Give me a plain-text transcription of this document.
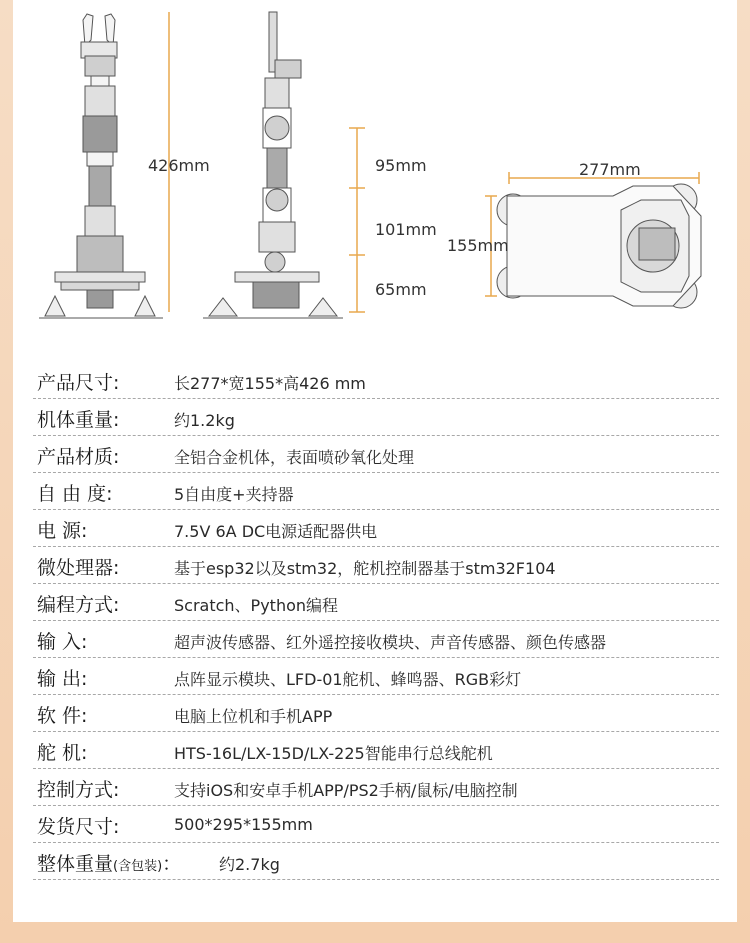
426mm	95mm
101mm
65mm
277mm
155mm
产品尺寸:	长277*宽155*高426 mm
机体重量:	约1.2kg
产品材质:	全铝合金机体，表面喷砂氧化处理
自 由 度:	5自由度+夹持器
电 源:	7.5V 6A DC电源适配器供电
微处理器:	基于esp32以及stm32，舵机控制器基于stm32F104
编程方式:	Scratch、Python编程
输 入:	超声波传感器、红外遥控接收模块、声音传感器、颜色传感器
输 出:	点阵显示模块、LFD-01舵机、蜂鸣器、RGB彩灯
软 件:	电脑上位机和手机APP
舵 机:	HTS-16L/LX-15D/LX-225智能串行总线舵机
控制方式:	支持iOS和安卓手机APP/PS2手柄/鼠标/电脑控制
发货尺寸:	500*295*155mm
整体重量(含包装)： 约2.7kg
